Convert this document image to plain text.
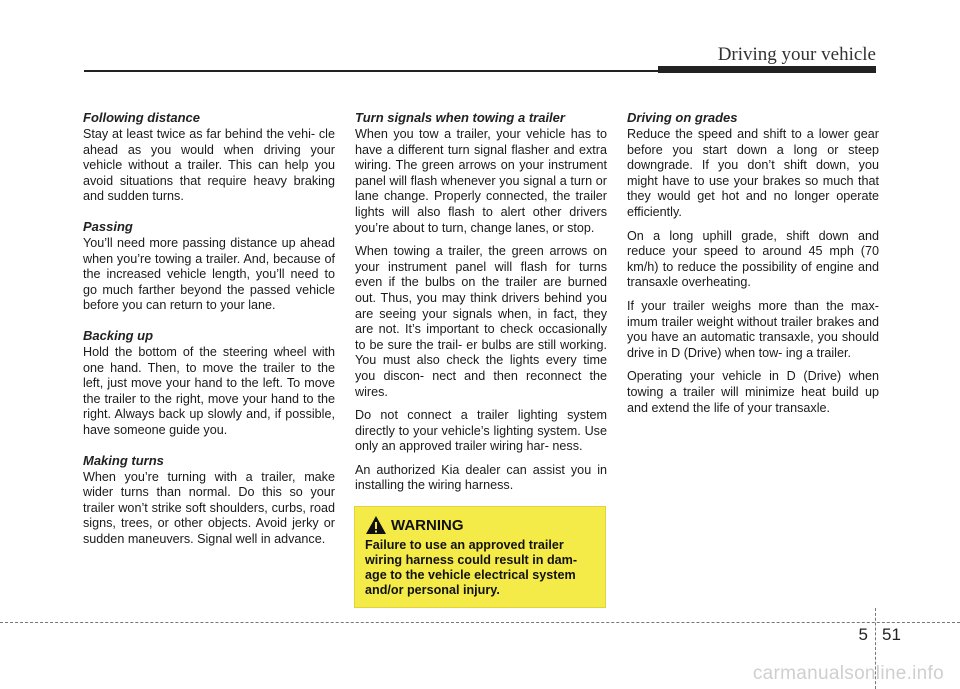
Driving your vehicle
Following distance

Stay at least twice as far behind the vehi- cle ahead as you would when driving your vehicle without a trailer. This can help you avoid situations that require heavy braking and sudden turns.

Passing

You’ll need more passing distance up ahead when you’re towing a trailer. And, because of the increased vehicle length, you’ll need to go much farther beyond the passed vehicle before you can return to your lane.

Backing up

Hold the bottom of the steering wheel with one hand. Then, to move the trailer to the left, just move your hand to the left. To move the trailer to the right, move your hand to the right. Always back up slowly and, if possible, have someone guide you.

Making turns

When you’re turning with a trailer, make wider turns than normal. Do this so your trailer won’t strike soft shoulders, curbs, road signs, trees, or other objects. Avoid jerky or sudden maneuvers. Signal well in advance.

Turn signals when towing a trailer

When you tow a trailer, your vehicle has to have a different turn signal flasher and extra wiring. The green arrows on your instrument panel will flash whenever you signal a turn or lane change. Properly connected, the trailer lights will also flash to alert other drivers you’re about to turn, change lanes, or stop.

When towing a trailer, the green arrows on your instrument panel will flash for turns even if the bulbs on the trailer are burned out. Thus, you may think drivers behind you are seeing your signals when, in fact, they are not. It’s important to check occasionally to be sure the trail- er bulbs are still working. You must also check the lights every time you discon- nect and then reconnect the wires.

Do not connect a trailer lighting system directly to your vehicle’s lighting system. Use only an approved trailer wiring har- ness.

An authorized Kia dealer can assist you in installing the wiring harness.

Driving on grades

Reduce the speed and shift to a lower gear before you start down a long or steep downgrade. If you don’t shift down, you might have to use your brakes so much that they would get hot and no longer operate efficiently.

On a long uphill grade, shift down and reduce your speed to around 45 mph (70 km/h) to reduce the possibility of engine and transaxle overheating.

If your trailer weighs more than the max- imum trailer weight without trailer brakes and you have an automatic transaxle, you should drive in D (Drive) when tow- ing a trailer.

Operating your vehicle in D (Drive) when towing a trailer will minimize heat build up and extend the life of your transaxle.

WARNING

Failure to use an approved trailer wiring harness could result in dam- age to the vehicle electrical system and/or personal injury.

5 51
carmanualsonline.info
